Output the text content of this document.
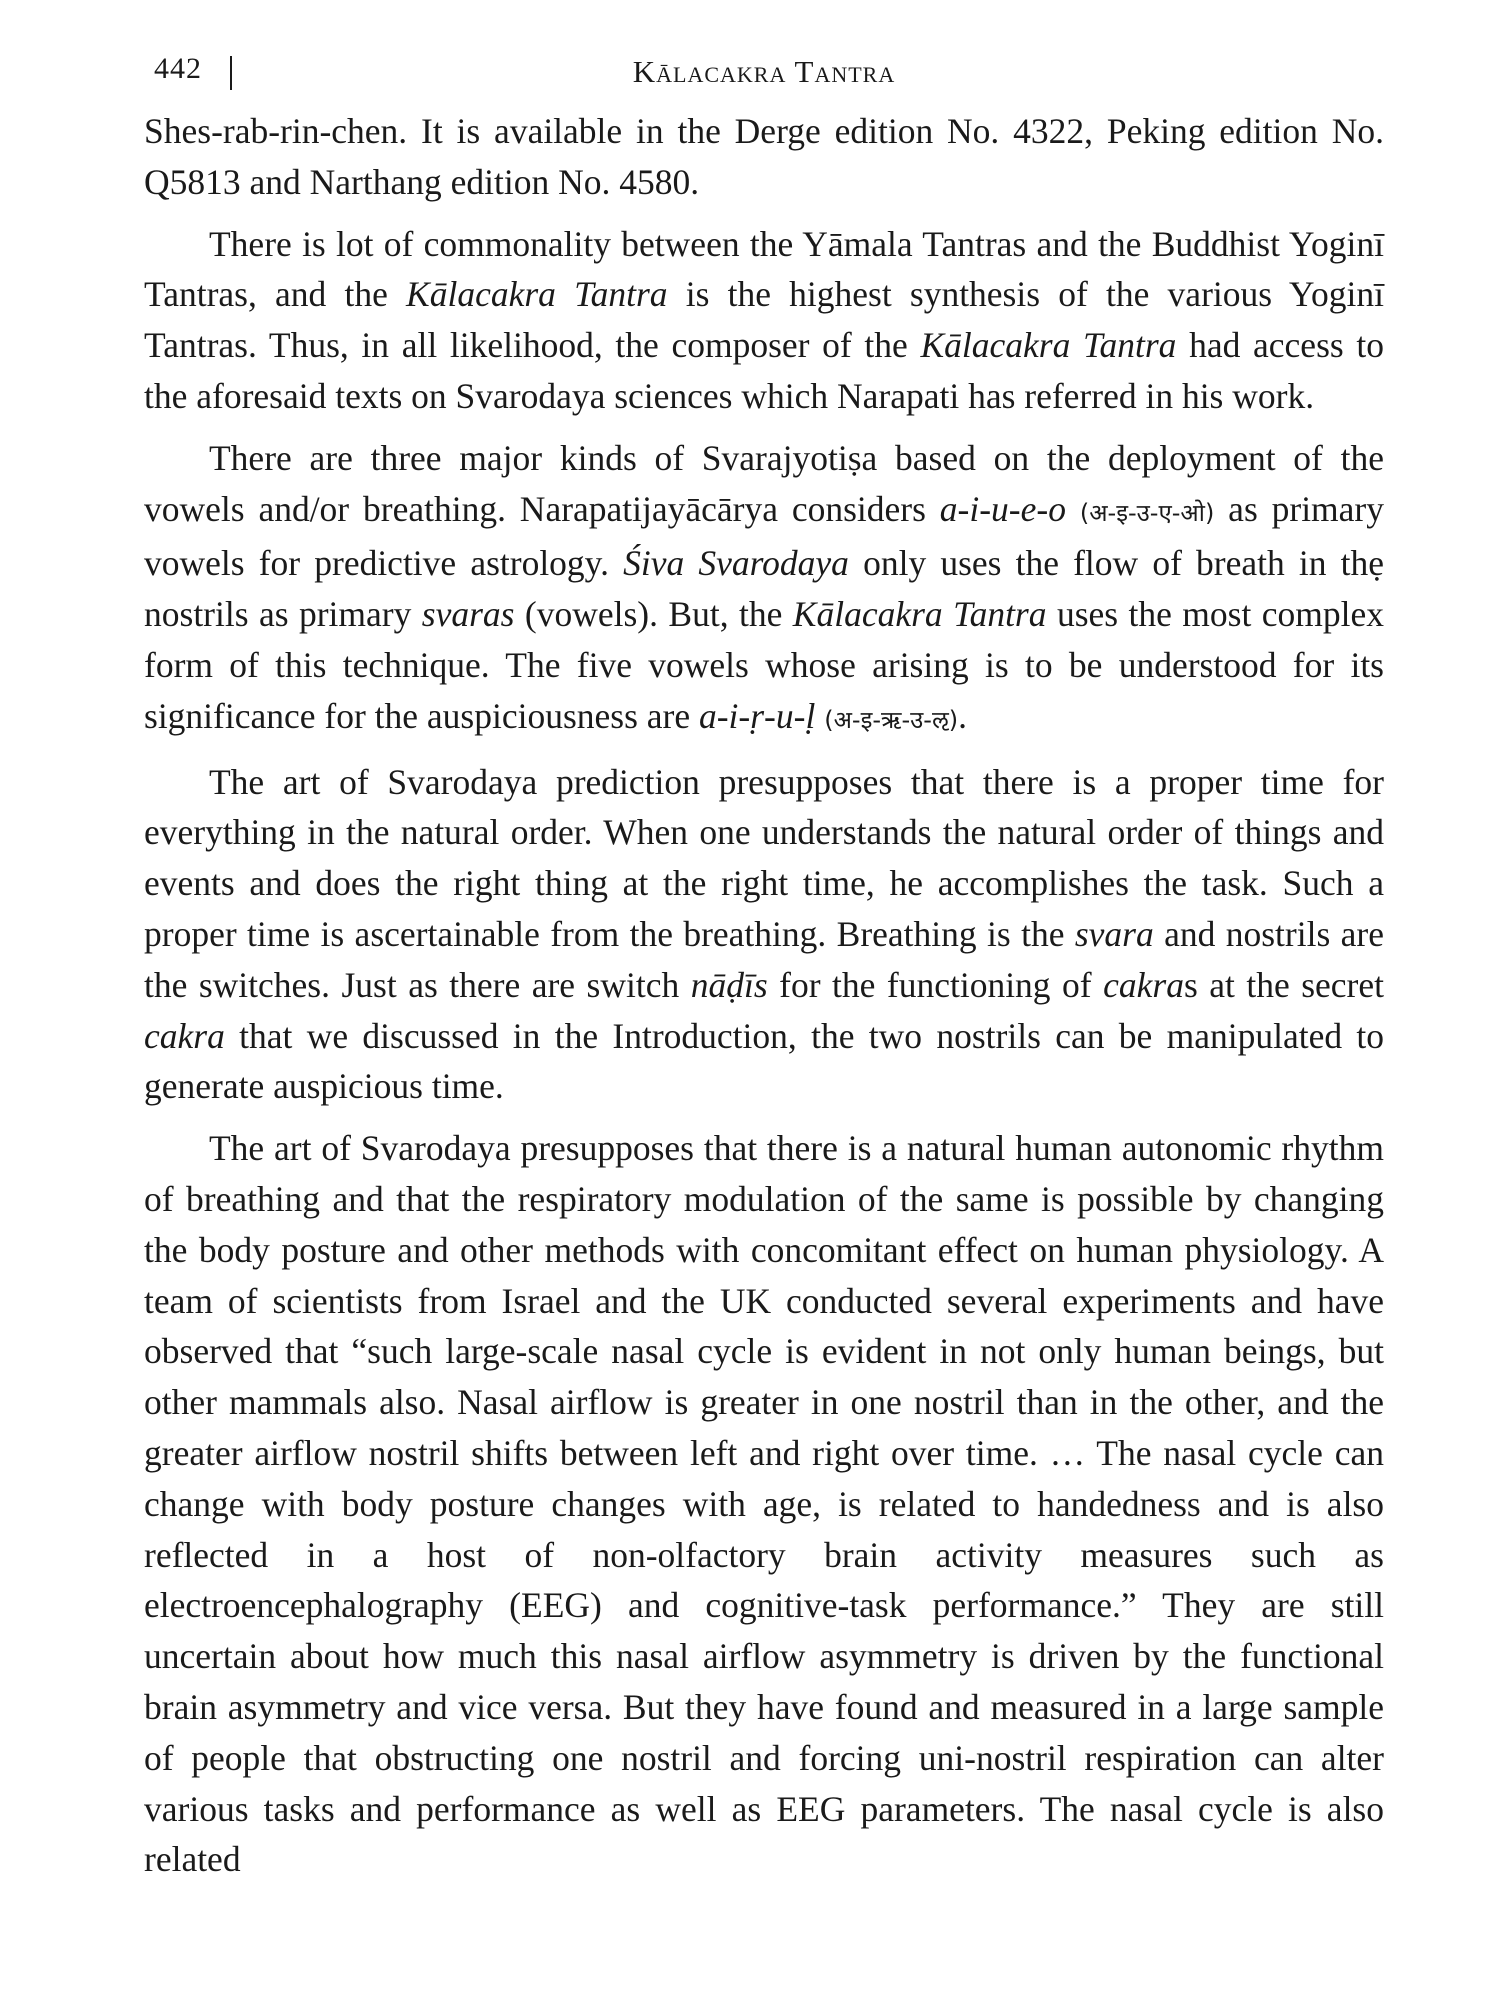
442	Kālacakra Tantra

Shes-rab-rin-chen. It is available in the Derge edition No. 4322, Peking edition No. Q5813 and Narthang edition No. 4580.

There is lot of commonality between the Yāmala Tantras and the Buddhist Yoginī Tantras, and the Kālacakra Tantra is the highest synthesis of the various Yoginī Tantras. Thus, in all likelihood, the composer of the Kālacakra Tantra had access to the aforesaid texts on Svarodaya sciences which Narapati has referred in his work.

There are three major kinds of Svarajyotiṣa based on the deployment of the vowels and/or breathing. Narapatijayācārya considers a-i-u-e-o (अ-इ-उ-ए-ओ) as primary vowels for predictive astrology. Śiva Svarodaya only uses the flow of breath in thẹ nostrils as primary svaras (vowels). But, the Kālacakra Tantra uses the most complex form of this technique. The five vowels whose arising is to be understood for its significance for the auspiciousness are a-i-ṛ-u-ḷ (अ-इ-ऋ-उ-ऌ).

The art of Svarodaya prediction presupposes that there is a proper time for everything in the natural order. When one understands the natural order of things and events and does the right thing at the right time, he accomplishes the task. Such a proper time is ascertainable from the breathing. Breathing is the svara and nostrils are the switches. Just as there are switch nāḍīs for the functioning of cakras at the secret cakra that we discussed in the Introduction, the two nostrils can be manipulated to generate auspicious time.

The art of Svarodaya presupposes that there is a natural human autonomic rhythm of breathing and that the respiratory modulation of the same is possible by changing the body posture and other methods with concomitant effect on human physiology. A team of scientists from Israel and the UK conducted several experiments and have observed that “such large-scale nasal cycle is evident in not only human beings, but other mammals also. Nasal airflow is greater in one nostril than in the other, and the greater airflow nostril shifts between left and right over time. … The nasal cycle can change with body posture changes with age, is related to handedness and is also reflected in a host of non-olfactory brain activity measures such as electroencephalography (EEG) and cognitive-task performance.” They are still uncertain about how much this nasal airflow asymmetry is driven by the functional brain asymmetry and vice versa. But they have found and measured in a large sample of people that obstructing one nostril and forcing uni-nostril respiration can alter various tasks and performance as well as EEG parameters. The nasal cycle is also related
